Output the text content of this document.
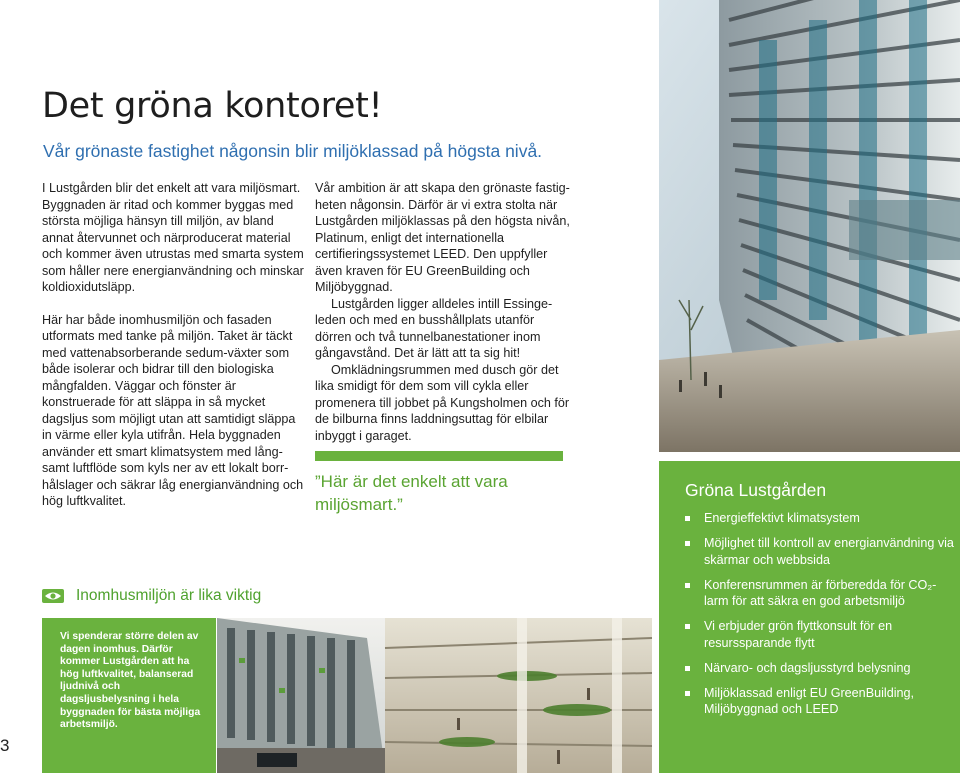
Det gröna kontoret!

Vår grönaste fastighet någonsin blir miljöklassad på högsta nivå.

I Lustgården blir det enkelt att vara miljösmart. Byggnaden är ritad och kommer byggas med största möjliga hänsyn till miljön, av bland annat återvunnet och närproducerat material och kommer även utrustas med smarta system som håller nere energianvändning och minskar koldioxidutsläpp.

Här har både inomhusmiljön och fasaden utformats med tanke på miljön. Taket är täckt med vattenabsorberande sedum-växter som både isolerar och bidrar till den biologiska mångfalden. Väggar och fönster är konstruerade för att släppa in så mycket dagsljus som möjligt utan att samtidigt släppa in värme eller kyla utifrån. Hela byggnaden använder ett smart klimatsystem med långsamt luftflöde som kyls ner av ett lokalt borrhålslager och säkrar låg energianvändning och hög luftkvalitet.

Vår ambition är att skapa den grönaste fastigheten någonsin. Därför är vi extra stolta när Lustgården miljöklassas på den högsta nivån, Platinum, enligt det internationella certifieringssystemet LEED. Den uppfyller även kraven för EU GreenBuilding och Miljöbyggnad.

Lustgården ligger alldeles intill Essingeleden och med en busshållplats utanför dörren och två tunnelbanestationer inom gångavstånd. Det är lätt att ta sig hit!

Omklädningsrummen med dusch gör det lika smidigt för dem som vill cykla eller promenera till jobbet på Kungsholmen och för de bilburna finns laddningsuttag för elbilar inbyggt i garaget.

”Här är det enkelt att vara miljösmart.”

Inomhusmiljön är lika viktig

Vi spenderar större delen av dagen inomhus. Därför kommer Lustgården att ha hög luftkvalitet, balanserad ljudnivå och dagsljusbelysning i hela byggnaden för bästa möjliga arbetsmiljö.

3

Gröna Lustgården

Energieffektivt klimatsystem
Möjlighet till kontroll av energianvändning via skärmar och webbsida
Konferensrummen är förberedda för CO₂-larm för att säkra en god arbetsmiljö
Vi erbjuder grön flyttkonsult för en resurssparande flytt
Närvaro- och dagsljusstyrd belysning
Miljöklassad enligt EU GreenBuilding, Miljöbyggnad och LEED
